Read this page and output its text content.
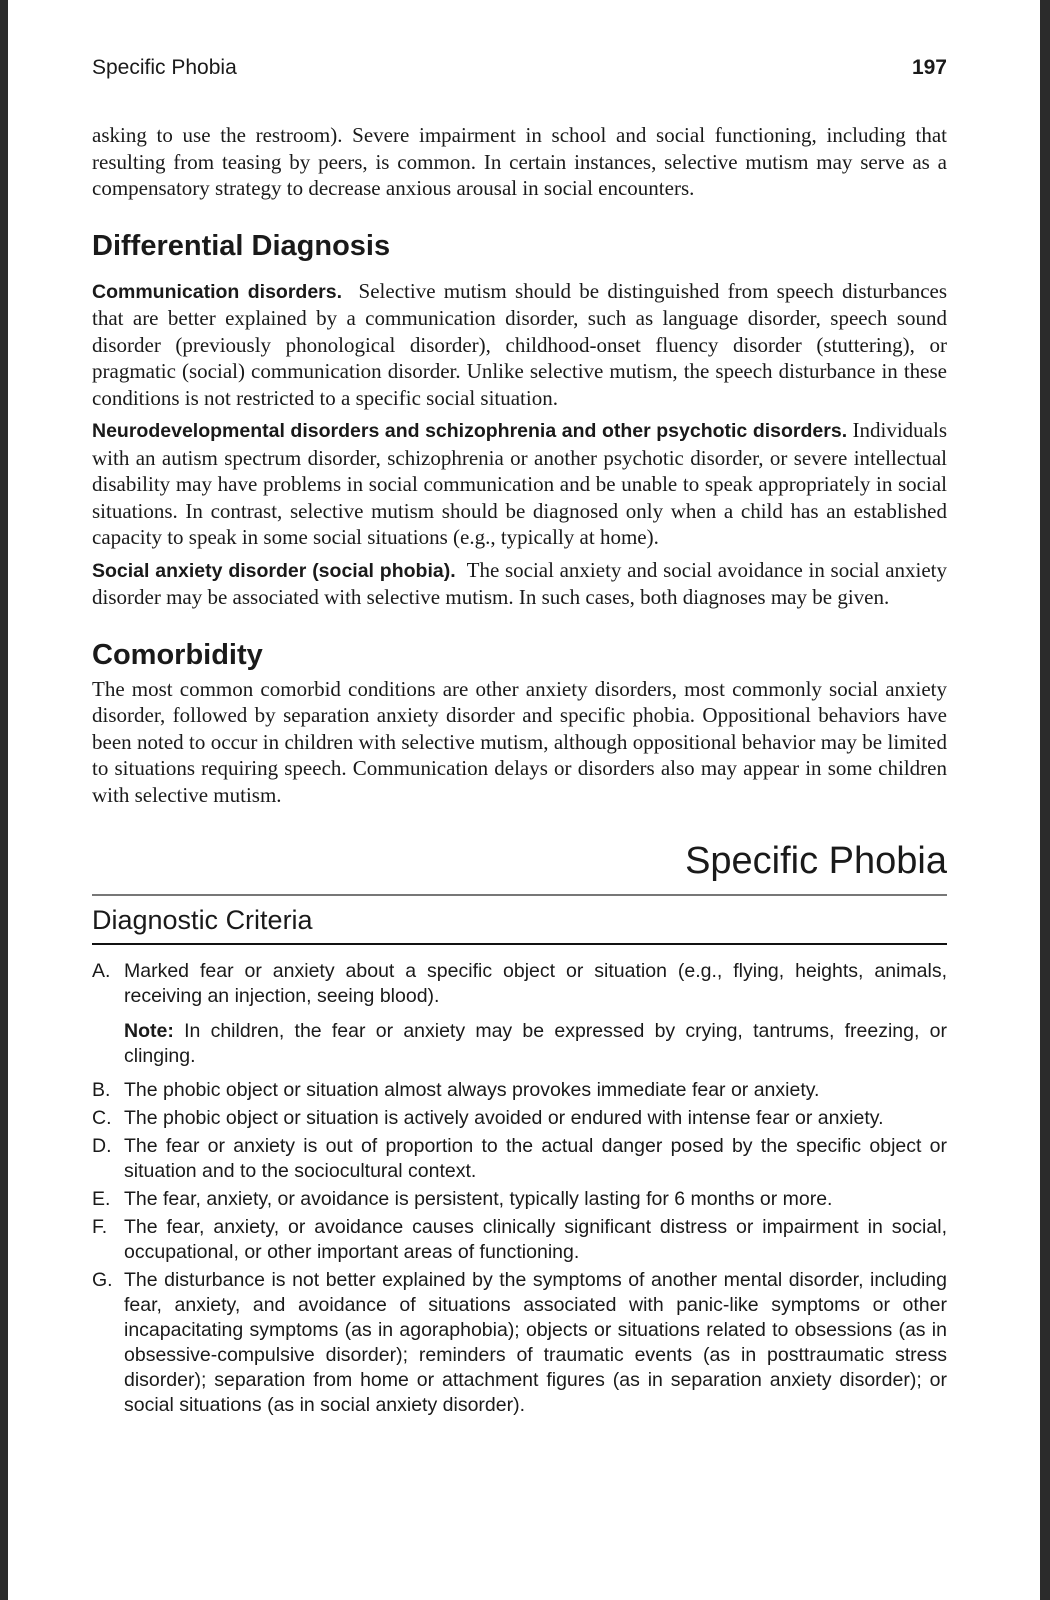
Specific Phobia	197

asking to use the restroom). Severe impairment in school and social functioning, including that resulting from teasing by peers, is common. In certain instances, selective mutism may serve as a compensatory strategy to decrease anxious arousal in social encounters.

Differential Diagnosis

Communication disorders. Selective mutism should be distinguished from speech disturbances that are better explained by a communication disorder, such as language disorder, speech sound disorder (previously phonological disorder), childhood-onset fluency disorder (stuttering), or pragmatic (social) communication disorder. Unlike selective mutism, the speech disturbance in these conditions is not restricted to a specific social situation.

Neurodevelopmental disorders and schizophrenia and other psychotic disorders. Individuals with an autism spectrum disorder, schizophrenia or another psychotic disorder, or severe intellectual disability may have problems in social communication and be unable to speak appropriately in social situations. In contrast, selective mutism should be diagnosed only when a child has an established capacity to speak in some social situations (e.g., typically at home).

Social anxiety disorder (social phobia). The social anxiety and social avoidance in social anxiety disorder may be associated with selective mutism. In such cases, both diagnoses may be given.

Comorbidity

The most common comorbid conditions are other anxiety disorders, most commonly social anxiety disorder, followed by separation anxiety disorder and specific phobia. Oppositional behaviors have been noted to occur in children with selective mutism, although oppositional behavior may be limited to situations requiring speech. Communication delays or disorders also may appear in some children with selective mutism.

Specific Phobia
Diagnostic Criteria
A. Marked fear or anxiety about a specific object or situation (e.g., flying, heights, animals, receiving an injection, seeing blood).
Note: In children, the fear or anxiety may be expressed by crying, tantrums, freezing, or clinging.
B. The phobic object or situation almost always provokes immediate fear or anxiety.
C. The phobic object or situation is actively avoided or endured with intense fear or anxiety.
D. The fear or anxiety is out of proportion to the actual danger posed by the specific object or situation and to the sociocultural context.
E. The fear, anxiety, or avoidance is persistent, typically lasting for 6 months or more.
F. The fear, anxiety, or avoidance causes clinically significant distress or impairment in social, occupational, or other important areas of functioning.
G. The disturbance is not better explained by the symptoms of another mental disorder, including fear, anxiety, and avoidance of situations associated with panic-like symptoms or other incapacitating symptoms (as in agoraphobia); objects or situations related to obsessions (as in obsessive-compulsive disorder); reminders of traumatic events (as in posttraumatic stress disorder); separation from home or attachment figures (as in separation anxiety disorder); or social situations (as in social anxiety disorder).
